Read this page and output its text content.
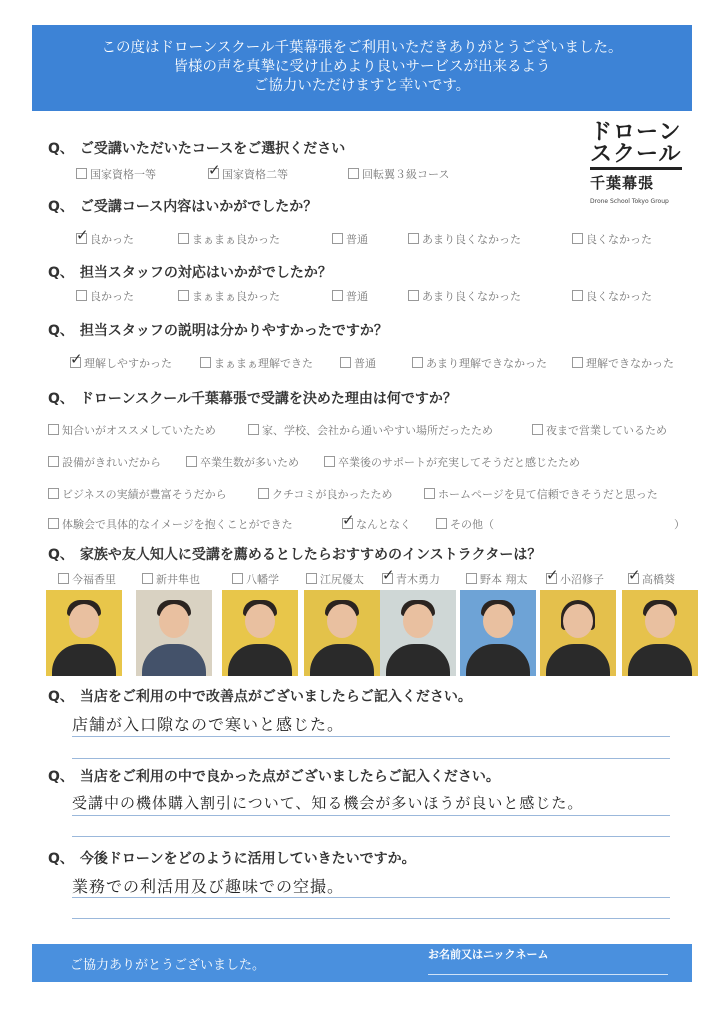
この度はドローンスクール千葉幕張をご利用いただきありがとうございました。
皆様の声を真摯に受け止めより良いサービスが出来るよう
ご協力いただけますと幸いです。
ドローン
スクール
千葉幕張
Drone School Tokyo Group
Q、 ご受講いただいたコースをご選択ください
国家資格一等 ✓	国家資格二等	回転翼３級コース
Q、 ご受講コース内容はいかがでしたか？
✓良かった	まぁまぁ良かった	普通	あまり良くなかった	良くなかった
Q、 担当スタッフの対応はいかがでしたか？
良かった	まぁまぁ良かった	普通	あまり良くなかった	良くなかった
Q、 担当スタッフの説明は分かりやすかったですか？
✓理解しやすかった	まぁまぁ理解できた	普通	あまり理解できなかった	理解できなかった
Q、 ドローンスクール千葉幕張で受講を決めた理由は何ですか？
知合いがオススメしていたため	家、学校、会社から通いやすい場所だったため	夜まで営業しているため
設備がきれいだから	卒業生数が多いため	卒業後のサポートが充実してそうだと感じたため
ビジネスの実績が豊富そうだから	クチコミが良かったため	ホームページを見て信頼できそうだと思った
体験会で具体的なイメージを抱くことができた ✓	なんとなく	その他（	）
Q、 家族や友人知人に受講を薦めるとしたらおすすめのインストラクターは？
今福香里	新井隼也	八幡学	江尻優太 ✓	青木勇力	野本 翔太 ✓	小沼修子 ✓	高橋葵
Q、 当店をご利用の中で改善点がございましたらご記入ください。
店舗が入口隙なので寒いと感じた。
Q、 当店をご利用の中で良かった点がございましたらご記入ください。
受講中の機体購入割引について、知る機会が多いほうが良いと感じた。
Q、 今後ドローンをどのように活用していきたいですか。
業務での利活用及び趣味での空撮。
ご協力ありがとうございました。
お名前又はニックネーム
